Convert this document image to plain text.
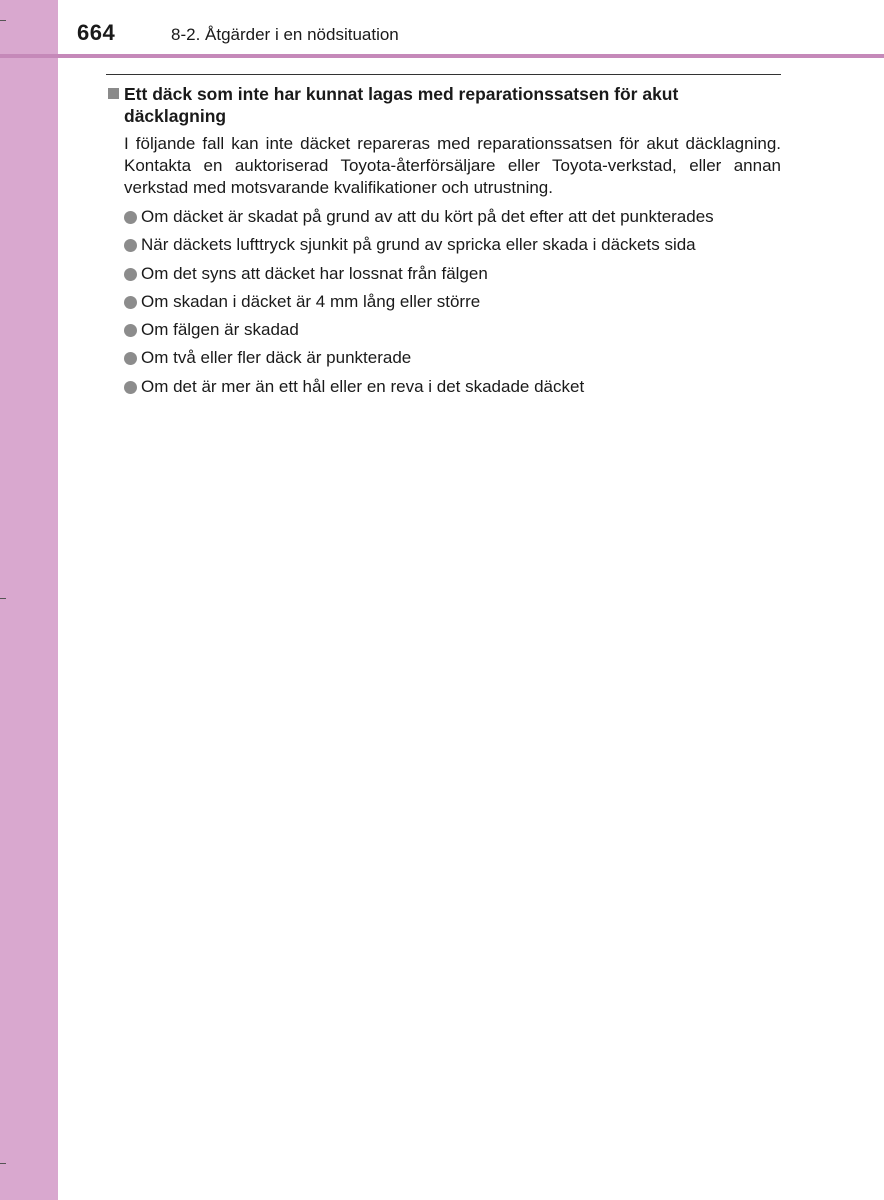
664	8-2. Åtgärder i en nödsituation
Ett däck som inte har kunnat lagas med reparationssatsen för akut däcklagning
I följande fall kan inte däcket repareras med reparationssatsen för akut däcklagning. Kontakta en auktoriserad Toyota-återförsäljare eller Toyota-verkstad, eller annan verkstad med motsvarande kvalifikationer och utrustning.
Om däcket är skadat på grund av att du kört på det efter att det punkterades
När däckets lufttryck sjunkit på grund av spricka eller skada i däckets sida
Om det syns att däcket har lossnat från fälgen
Om skadan i däcket är 4 mm lång eller större
Om fälgen är skadad
Om två eller fler däck är punkterade
Om det är mer än ett hål eller en reva i det skadade däcket
